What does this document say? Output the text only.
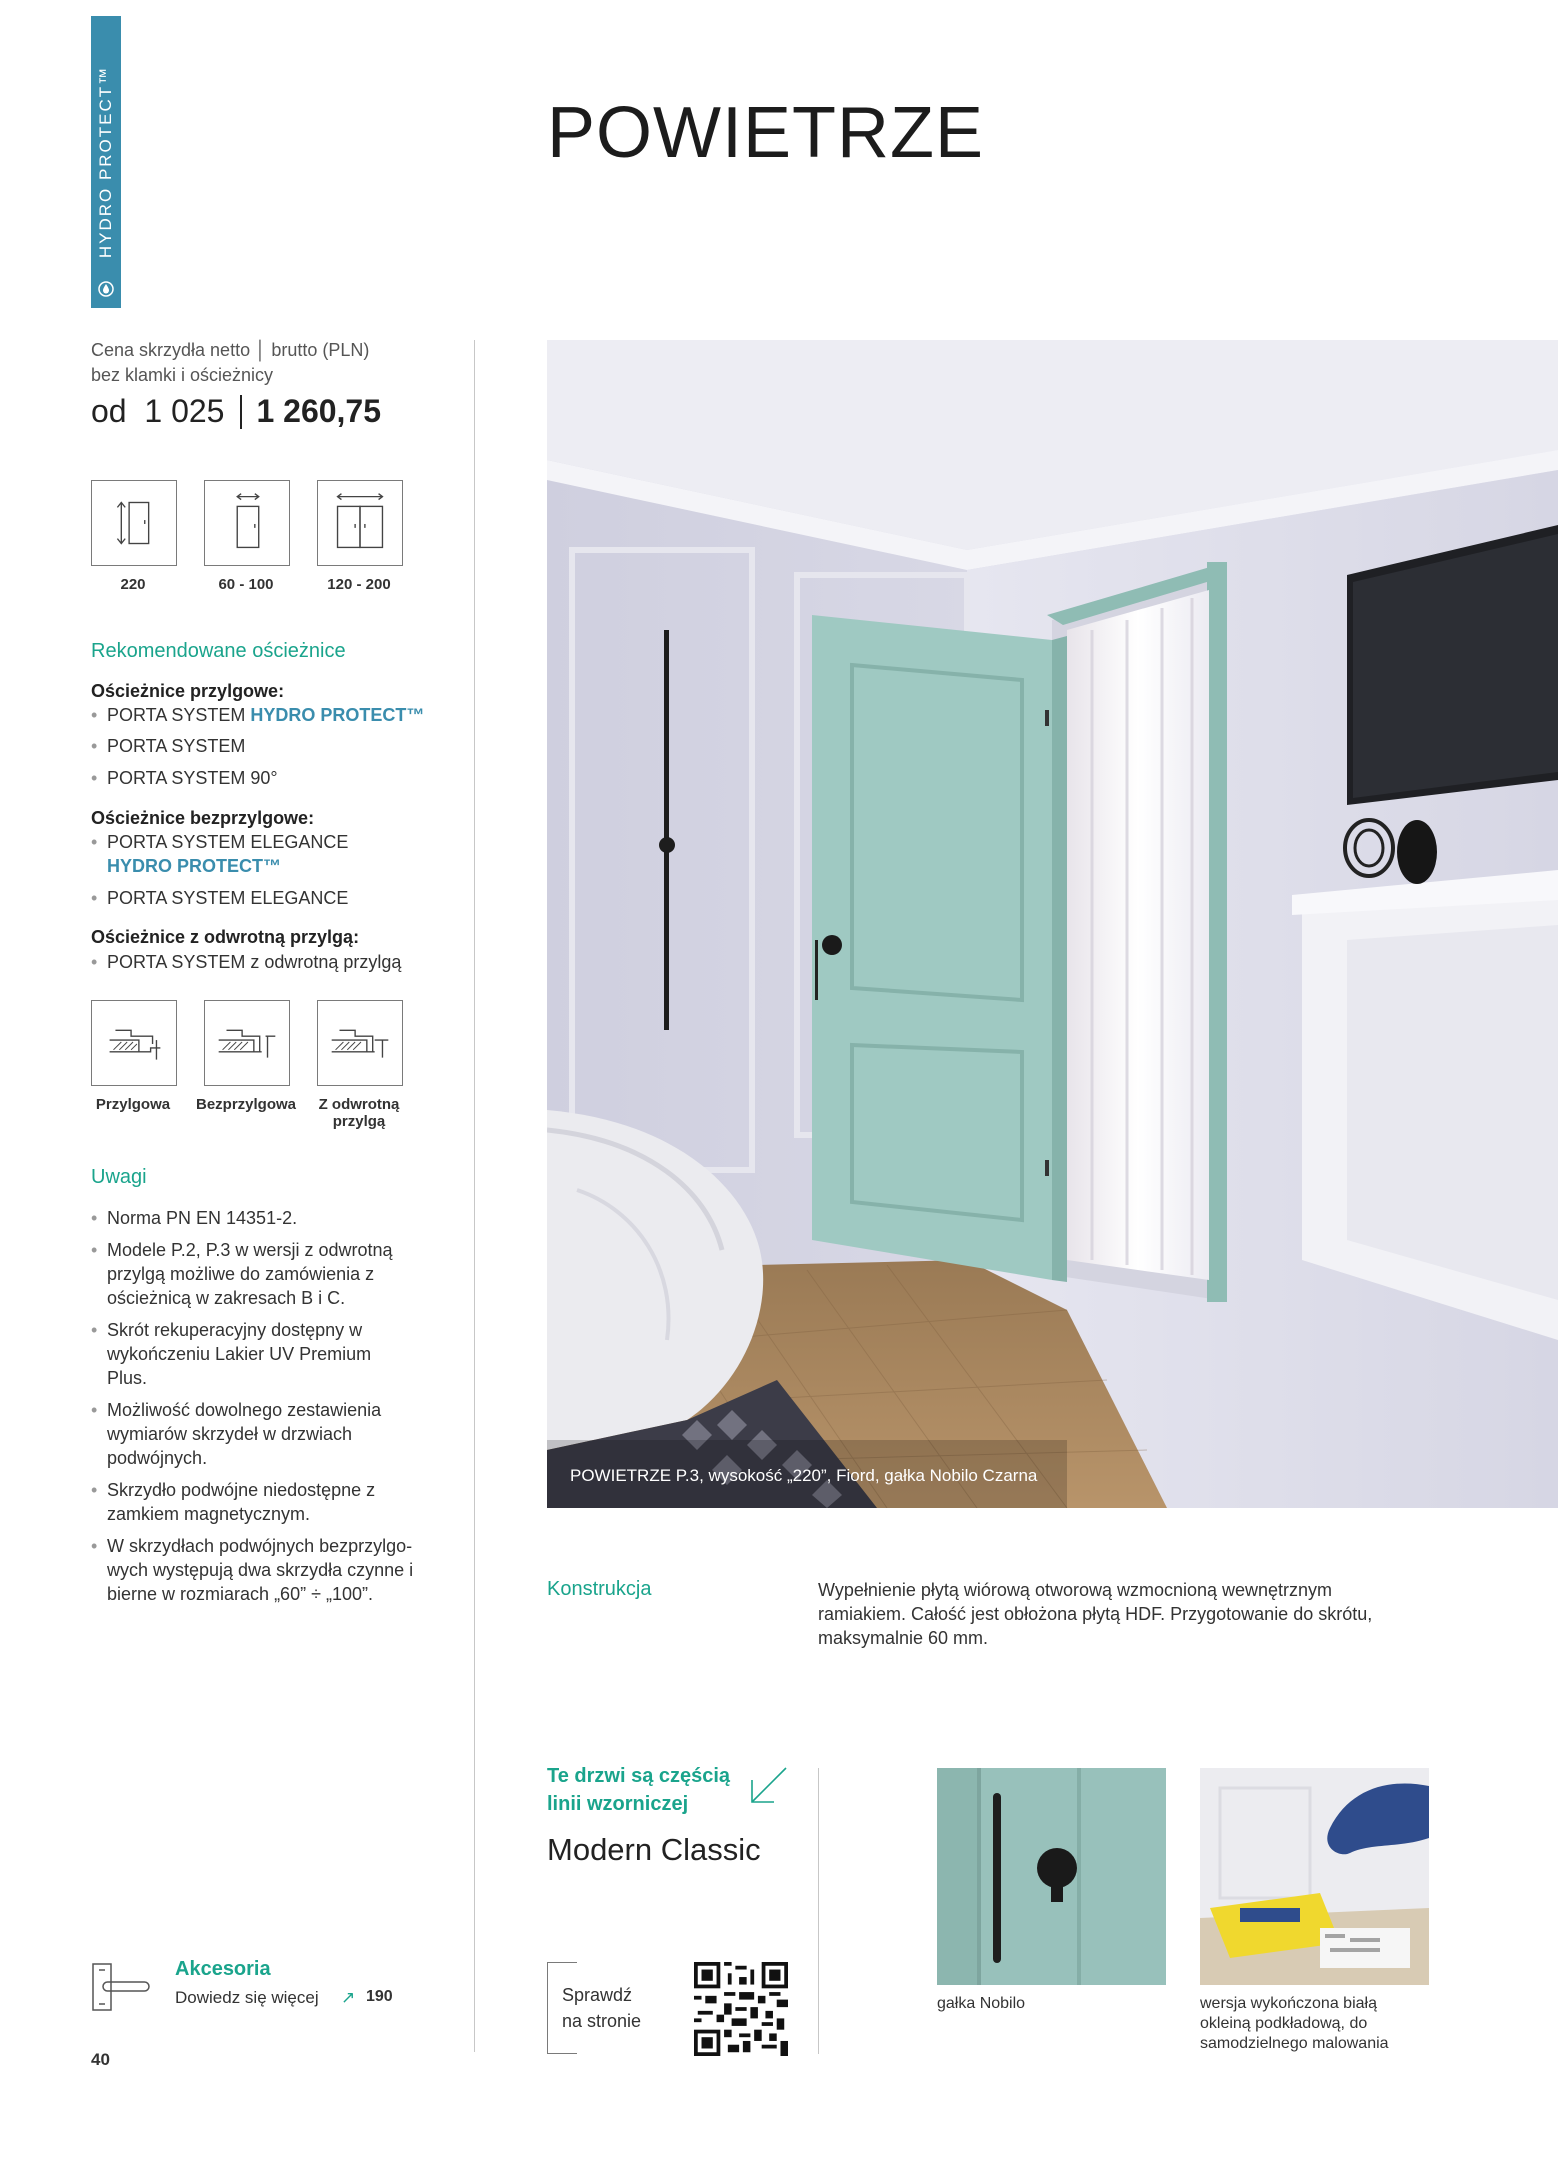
HYDRO PROTECT™	POWIETRZE
Cena skrzydła netto │ brutto (PLN)
bez klamki i ościeżnicy
od 1 025 1 260,75
220	60 - 100	120 - 200
Rekomendowane ościeżnice
Ościeżnice przylgowe:
• PORTA SYSTEM HYDRO PROTECT™
• PORTA SYSTEM
• PORTA SYSTEM 90°
Ościeżnice bezprzylgowe:
• PORTA SYSTEM ELEGANCE
HYDRO PROTECT™
• PORTA SYSTEM ELEGANCE
Ościeżnice z odwrotną przylgą:
• PORTA SYSTEM z odwrotną przylgą
Przylgowa	Bezprzylgowa	Z odwrotną przylgą
Uwagi
• Norma PN EN 14351-2.
• Modele P.2, P.3 w wersji z odwrotną przylgą możliwe do zamówienia z ościeżnicą w zakresach B i C.
• Skrót rekuperacyjny dostępny w wykończeniu Lakier UV Premium Plus.
• Możliwość dowolnego zestawienia wymiarów skrzydeł w drzwiach podwójnych.
• Skrzydło podwójne niedostępne z zamkiem magnetycznym.
• W skrzydłach podwójnych bezprzylgo-wych występują dwa skrzydła czynne i bierne w rozmiarach „60” ÷ „100”.
POWIETRZE P.3, wysokość „220”, Fiord, gałka Nobilo Czarna
Konstrukcja	Wypełnienie płytą wiórową otworową wzmocnioną wewnętrznym ramiakiem. Całość jest obłożona płytą HDF. Przygotowanie do skrótu, maksymalnie 60 mm.
Te drzwi są częścią
linii wzorniczej
Modern Classic
Sprawdź
na stronie
gałka Nobilo	wersja wykończona białą okleiną podkładową, do samodzielnego malowania
Akcesoria
Dowiedz się więcej ↗ 190
40
